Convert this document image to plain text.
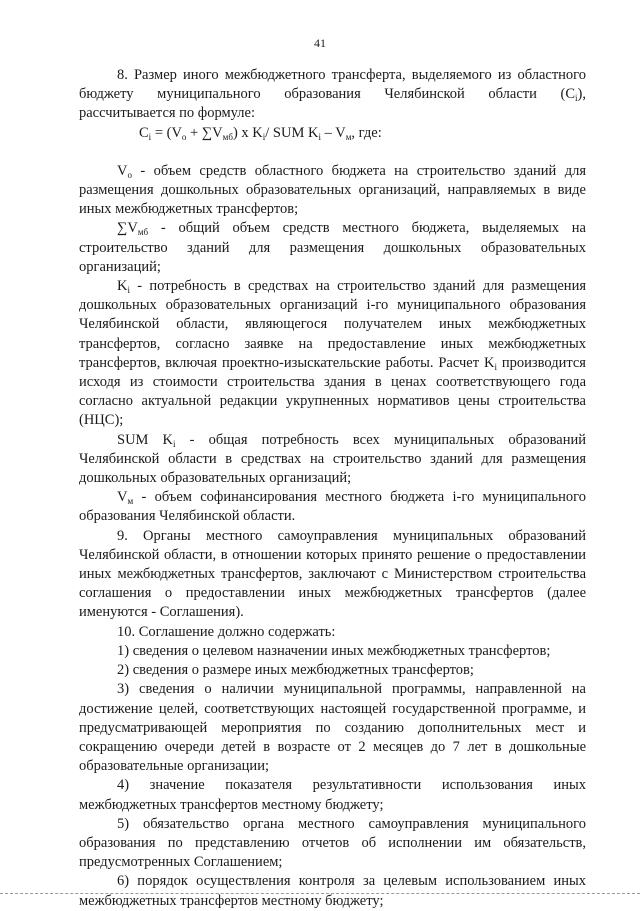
41

8. Размер иного межбюджетного трансферта, выделяемого из областного бюджету муниципального образования Челябинской области $(C_i)$, рассчитывается по формуле:

$C_i = (V_o + \sum V_{мб})$ x $K_i/$ SUM $K_i - V_м$, где:

$V_o$ - объем средств областного бюджета на строительство зданий для размещения дошкольных образовательных организаций, направляемых в виде иных межбюджетных трансфертов;

$\sum V_{мб}$ - общий объем средств местного бюджета, выделяемых на строительство зданий для размещения дошкольных образовательных организаций;

$K_i$ - потребность в средствах на строительство зданий для размещения дошкольных образовательных организаций i-го муниципального образования Челябинской области, являющегося получателем иных межбюджетных трансфертов, согласно заявке на предоставление иных межбюджетных трансфертов, включая проектно-изыскательские работы. Расчет $K_i$ производится исходя из стоимости строительства здания в ценах соответствующего года согласно актуальной редакции укрупненных нормативов цены строительства (НЦС);

SUM $K_i$ - общая потребность всех муниципальных образований Челябинской области в средствах на строительство зданий для размещения дошкольных образовательных организаций;

$V_м$ - объем софинансирования местного бюджета i-го муниципального образования Челябинской области.

9. Органы местного самоуправления муниципальных образований Челябинской области, в отношении которых принято решение о предоставлении иных межбюджетных трансфертов, заключают с Министерством строительства соглашения о предоставлении иных межбюджетных трансфертов (далее именуются - Соглашения).

10. Соглашение должно содержать:

1) сведения о целевом назначении иных межбюджетных трансфертов;

2) сведения о размере иных межбюджетных трансфертов;

3) сведения о наличии муниципальной программы, направленной на достижение целей, соответствующих настоящей государственной программе, и предусматривающей мероприятия по созданию дополнительных мест и сокращению очереди детей в возрасте от 2 месяцев до 7 лет в дошкольные образовательные организации;

4) значение показателя результативности использования иных межбюджетных трансфертов местному бюджету;

5) обязательство органа местного самоуправления муниципального образования по представлению отчетов об исполнении им обязательств, предусмотренных Соглашением;

6) порядок осуществления контроля за целевым использованием иных межбюджетных трансфертов местному бюджету;
